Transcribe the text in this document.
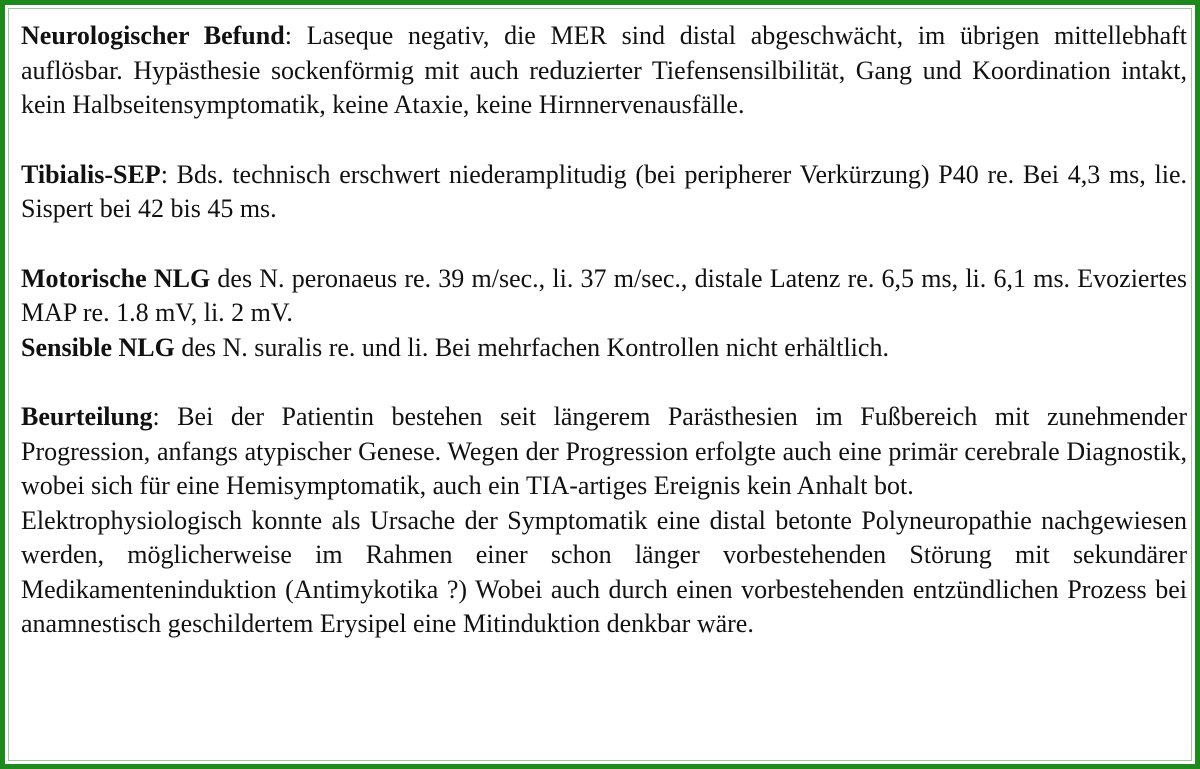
Neurologischer Befund: Laseque negativ, die MER sind distal abgeschwächt, im übrigen mittellebhaft auflösbar. Hypästhesie sockenförmig mit auch reduzierter Tiefensensilbilität, Gang und Koordination intakt, kein Halbseitensymptomatik, keine Ataxie, keine Hirnnervenausfälle.

Tibialis-SEP: Bds. technisch erschwert niederamplitudig (bei peripherer Verkürzung) P40 re. Bei 4,3 ms, lie. Sispert bei 42 bis 45 ms.

Motorische NLG des N. peronaeus re. 39 m/sec., li. 37 m/sec., distale Latenz re. 6,5 ms, li. 6,1 ms. Evoziertes MAP re. 1.8 mV, li. 2 mV.

Sensible NLG des N. suralis re. und li. Bei mehrfachen Kontrollen nicht erhältlich.

Beurteilung: Bei der Patientin bestehen seit längerem Parästhesien im Fußbereich mit zunehmender Progression, anfangs atypischer Genese. Wegen der Progression erfolgte auch eine primär cerebrale Diagnostik, wobei sich für eine Hemisymptomatik, auch ein TIA-artiges Ereignis kein Anhalt bot.

Elektrophysiologisch konnte als Ursache der Symptomatik eine distal betonte Polyneuropathie nachgewiesen werden, möglicherweise im Rahmen einer schon länger vorbestehenden Störung mit sekundärer Medikamenteninduktion (Antimykotika ?) Wobei auch durch einen vorbestehenden entzündlichen Prozess bei anamnestisch geschildertem Erysipel eine Mitinduktion denkbar wäre.
